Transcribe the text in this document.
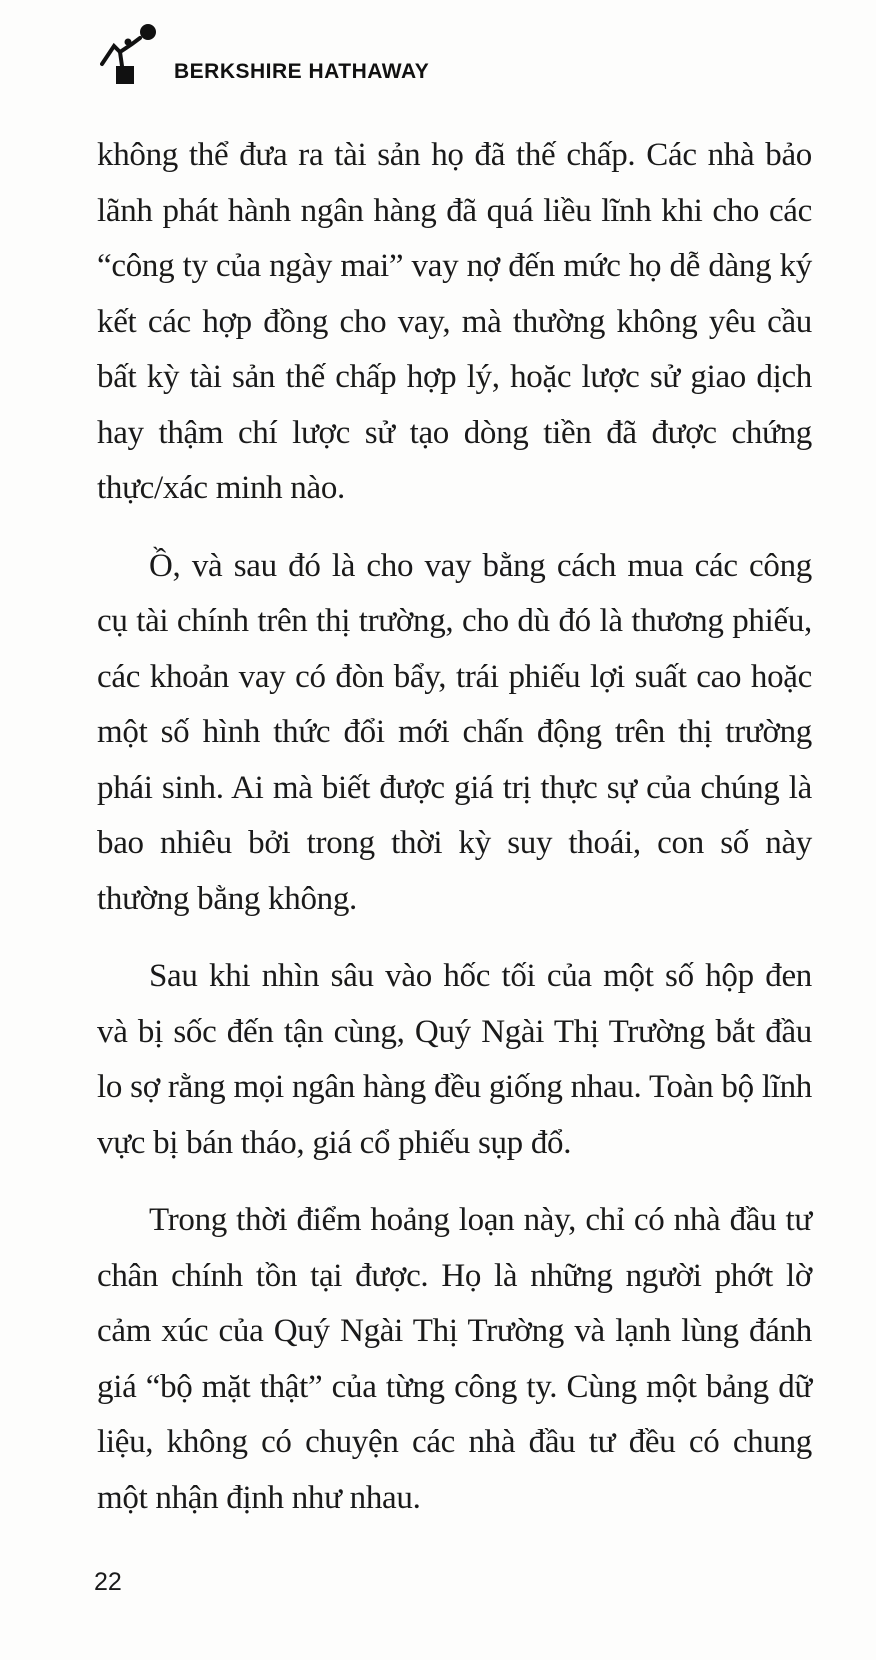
BERKSHIRE HATHAWAY

không thể đưa ra tài sản họ đã thế chấp. Các nhà bảo lãnh phát hành ngân hàng đã quá liều lĩnh khi cho các “công ty của ngày mai” vay nợ đến mức họ dễ dàng ký kết các hợp đồng cho vay, mà thường không yêu cầu bất kỳ tài sản thế chấp hợp lý, hoặc lược sử giao dịch hay thậm chí lược sử tạo dòng tiền đã được chứng thực/xác minh nào.

Ồ, và sau đó là cho vay bằng cách mua các công cụ tài chính trên thị trường, cho dù đó là thương phiếu, các khoản vay có đòn bẩy, trái phiếu lợi suất cao hoặc một số hình thức đổi mới chấn động trên thị trường phái sinh. Ai mà biết được giá trị thực sự của chúng là bao nhiêu bởi trong thời kỳ suy thoái, con số này thường bằng không.

Sau khi nhìn sâu vào hốc tối của một số hộp đen và bị sốc đến tận cùng, Quý Ngài Thị Trường bắt đầu lo sợ rằng mọi ngân hàng đều giống nhau. Toàn bộ lĩnh vực bị bán tháo, giá cổ phiếu sụp đổ.

Trong thời điểm hoảng loạn này, chỉ có nhà đầu tư chân chính tồn tại được. Họ là những người phớt lờ cảm xúc của Quý Ngài Thị Trường và lạnh lùng đánh giá “bộ mặt thật” của từng công ty. Cùng một bảng dữ liệu, không có chuyện các nhà đầu tư đều có chung một nhận định như nhau.

22
